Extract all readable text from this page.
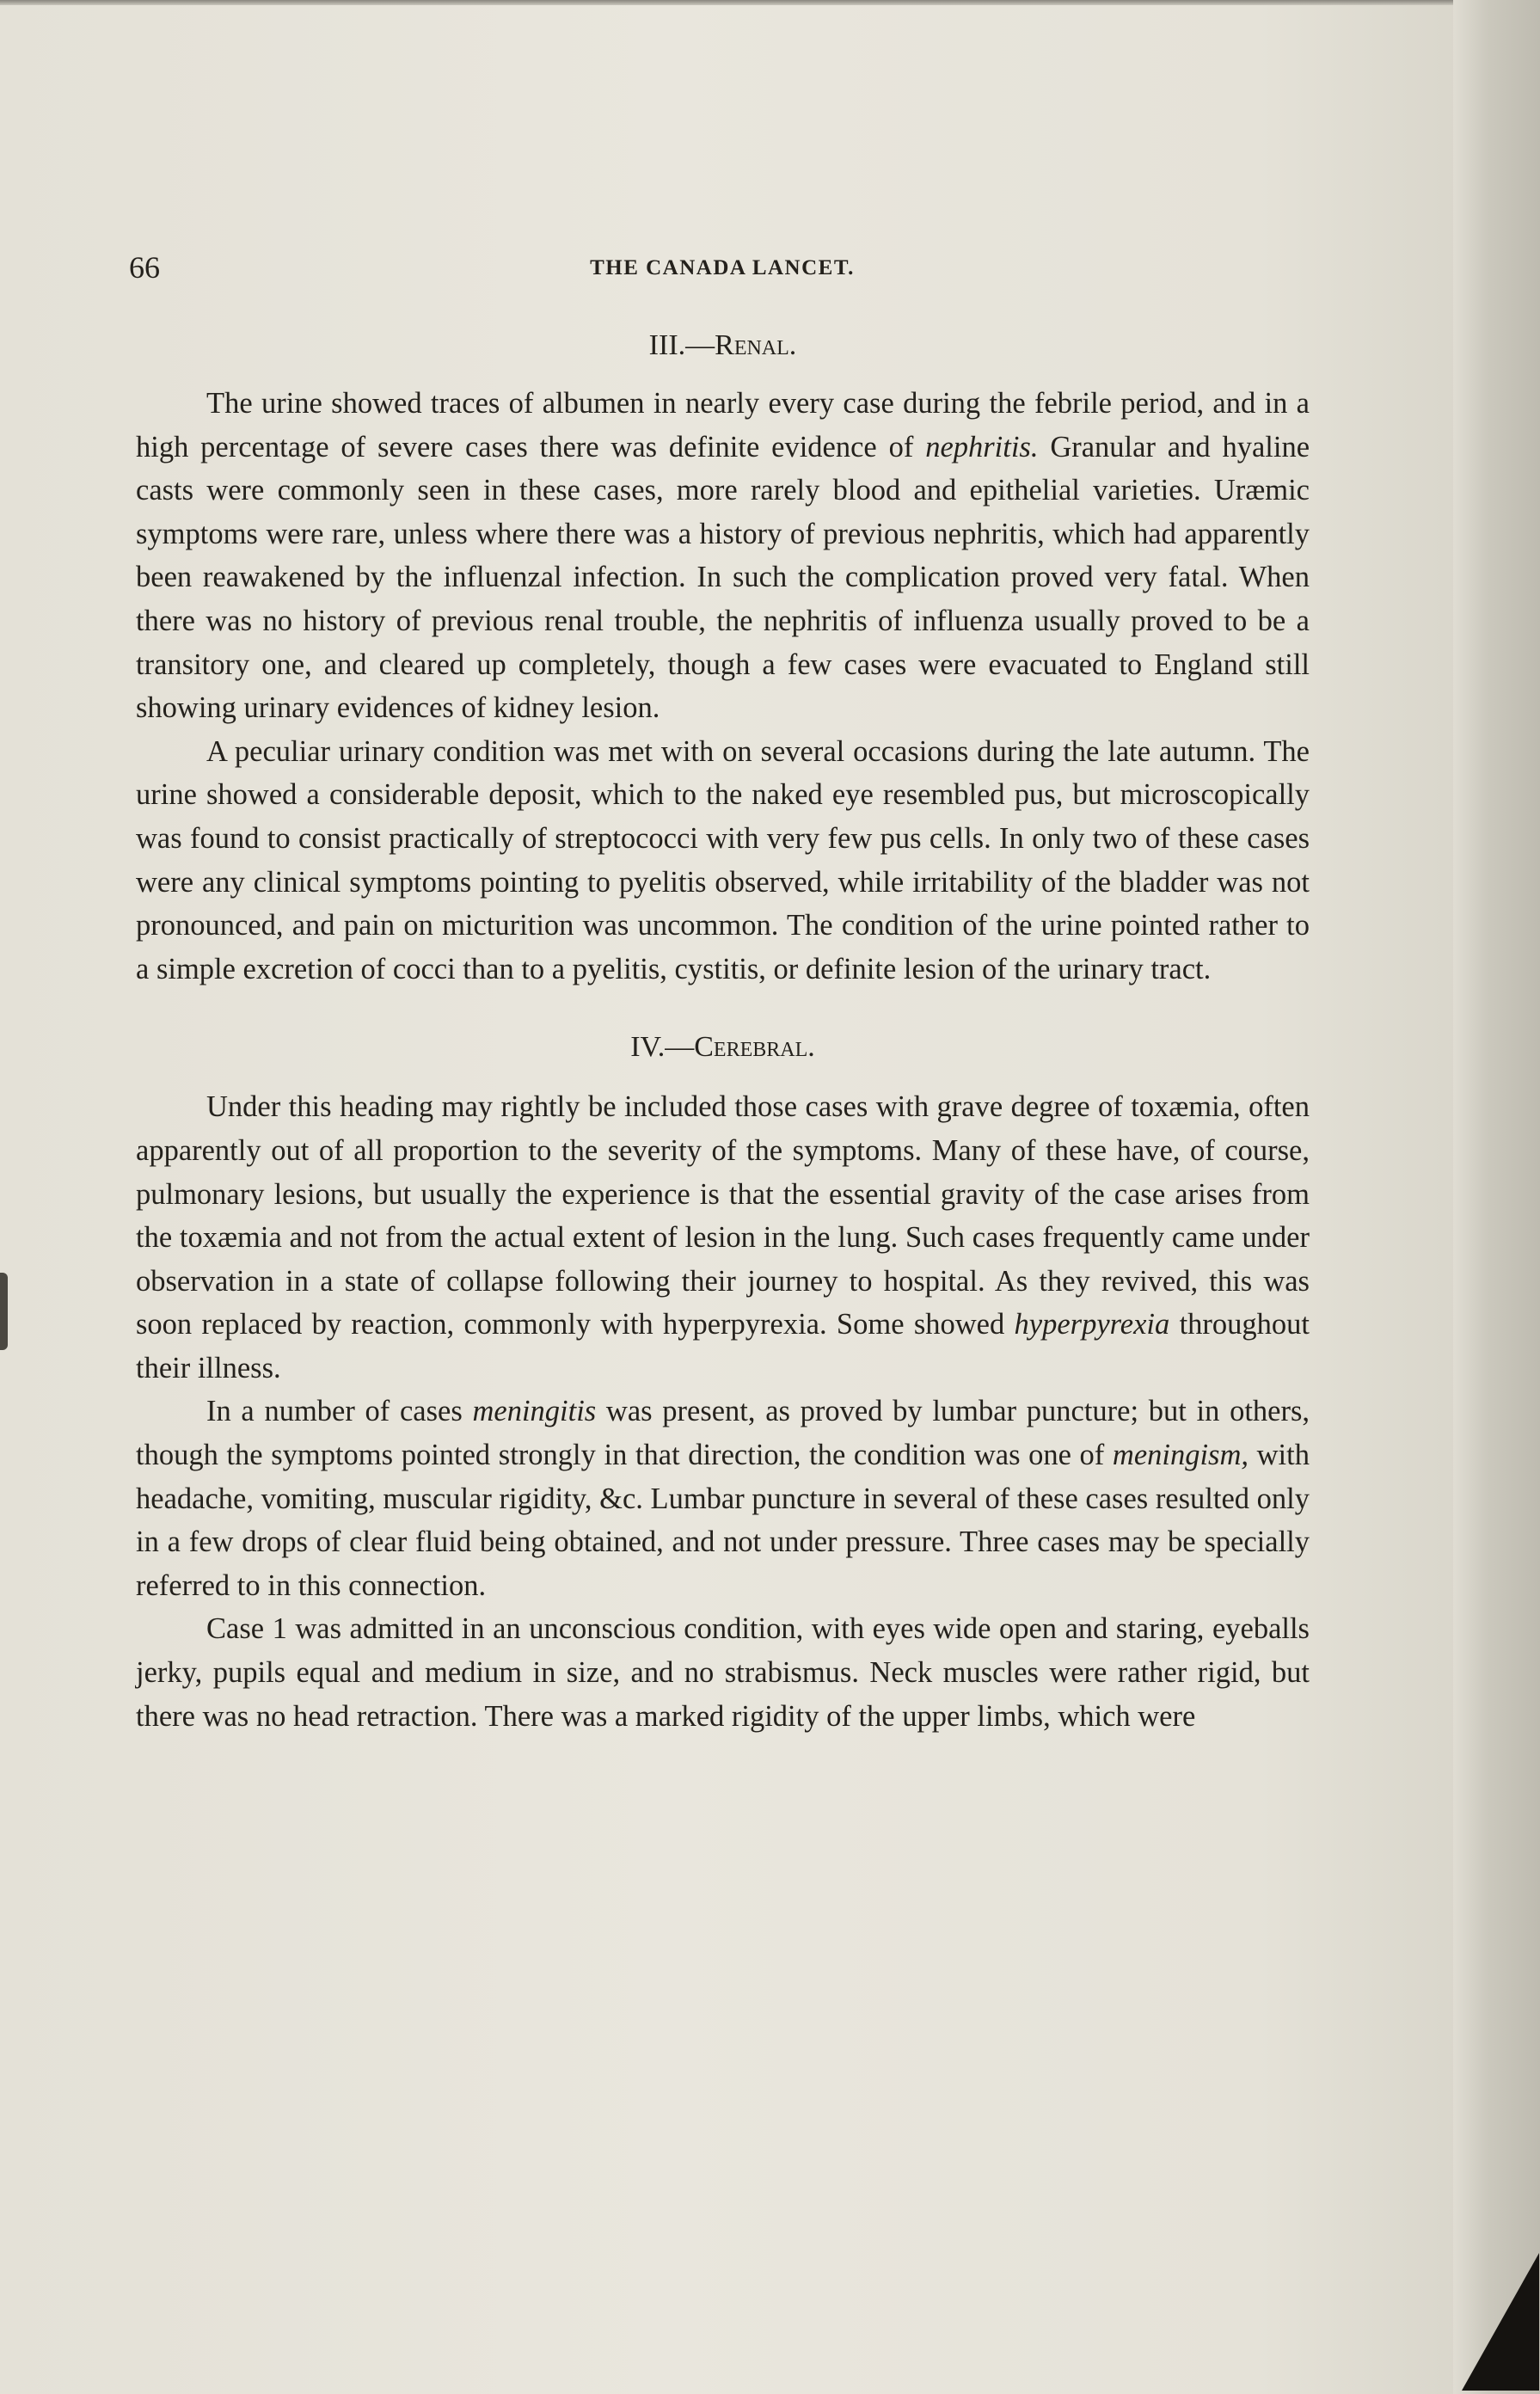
66	THE CANADA LANCET.
III.—Renal.

The urine showed traces of albumen in nearly every case during the febrile period, and in a high percentage of severe cases there was definite evidence of nephritis. Granular and hyaline casts were commonly seen in these cases, more rarely blood and epithelial varieties. Uræmic symptoms were rare, unless where there was a history of previous nephritis, which had apparently been reawakened by the influenzal infection. In such the complication proved very fatal. When there was no history of previous renal trouble, the nephritis of influenza usually proved to be a transitory one, and cleared up completely, though a few cases were evacuated to England still showing urinary evidences of kidney lesion.

A peculiar urinary condition was met with on several occasions during the late autumn. The urine showed a considerable deposit, which to the naked eye resembled pus, but microscopically was found to consist practically of streptococci with very few pus cells. In only two of these cases were any clinical symptoms pointing to pyelitis observed, while irritability of the bladder was not pronounced, and pain on micturition was uncommon. The condition of the urine pointed rather to a simple excretion of cocci than to a pyelitis, cystitis, or definite lesion of the urinary tract.

IV.—Cerebral.

Under this heading may rightly be included those cases with grave degree of toxæmia, often apparently out of all proportion to the severity of the symptoms. Many of these have, of course, pulmonary lesions, but usually the experience is that the essential gravity of the case arises from the toxæmia and not from the actual extent of lesion in the lung. Such cases frequently came under observation in a state of collapse following their journey to hospital. As they revived, this was soon replaced by reaction, commonly with hyperpyrexia. Some showed hyperpyrexia throughout their illness.

In a number of cases meningitis was present, as proved by lumbar puncture; but in others, though the symptoms pointed strongly in that direction, the condition was one of meningism, with headache, vomiting, muscular rigidity, &c. Lumbar puncture in several of these cases resulted only in a few drops of clear fluid being obtained, and not under pressure. Three cases may be specially referred to in this connection.

Case 1 was admitted in an unconscious condition, with eyes wide open and staring, eyeballs jerky, pupils equal and medium in size, and no strabismus. Neck muscles were rather rigid, but there was no head retraction. There was a marked rigidity of the upper limbs, which were
